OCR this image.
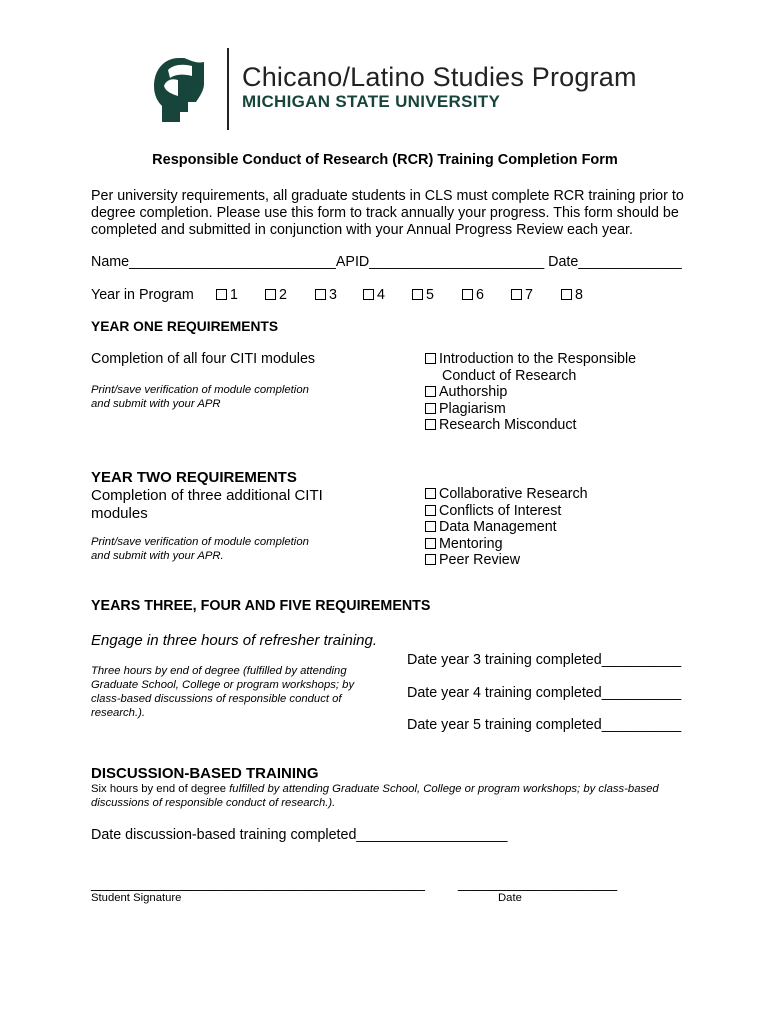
Chicano/Latino Studies Program
MICHIGAN STATE UNIVERSITY
Responsible Conduct of Research (RCR) Training Completion Form
Per university requirements, all graduate students in CLS must complete RCR training prior to
degree completion. Please use this form to track annually your progress. This form should be
completed and submitted in conjunction with your Annual Progress Review each year.
Name__________________________APID______________________ Date_____________
Year in Program	1	2	3	4	5	6	7	8
YEAR ONE REQUIREMENTS
Completion of all four CITI modules
Print/save verification of module completion
and submit with your APR
Introduction to the Responsible
Conduct of Research
Authorship
Plagiarism
Research Misconduct
YEAR TWO REQUIREMENTS
Completion of three additional CITI
modules
Print/save verification of module completion
and submit with your APR.
Collaborative Research
Conflicts of Interest
Data Management
Mentoring
Peer Review
YEARS THREE, FOUR AND FIVE REQUIREMENTS
Engage in three hours of refresher training.
Three hours by end of degree (fulfilled by attending
Graduate School, College or program workshops; by
class-based discussions of responsible conduct of
research.).
Date year 3 training completed__________
Date year 4 training completed__________
Date year 5 training completed__________
DISCUSSION-BASED TRAINING
Six hours by end of degree fulfilled by attending Graduate School, College or program workshops; by class-based
discussions of responsible conduct of research.).
Date discussion-based training completed___________________
__________________________________________ ____________________
Student Signature	Date
